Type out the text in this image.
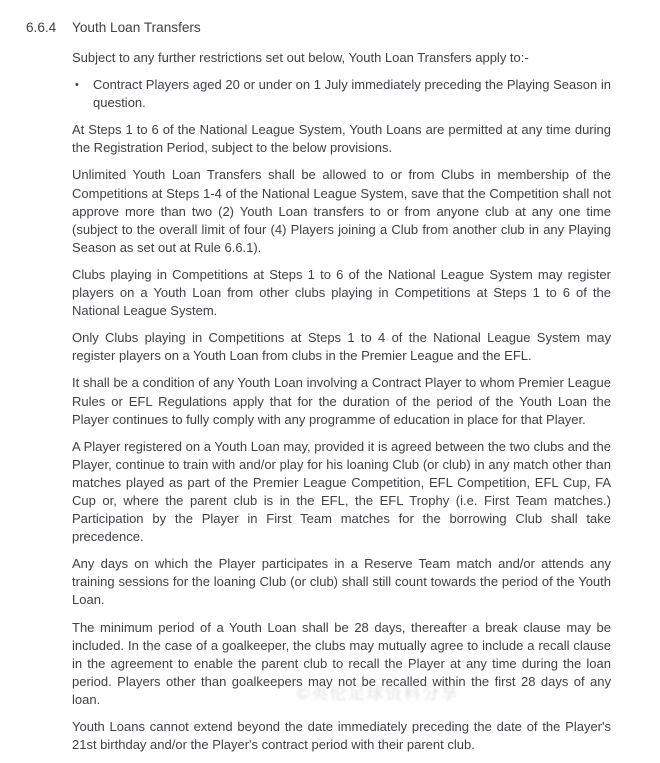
6.6.4	Youth Loan Transfers

Subject to any further restrictions set out below, Youth Loan Transfers apply to:-

•	Contract Players aged 20 or under on 1 July immediately preceding the Playing Season in question.

At Steps 1 to 6 of the National League System, Youth Loans are permitted at any time during the Registration Period, subject to the below provisions.

Unlimited Youth Loan Transfers shall be allowed to or from Clubs in membership of the Competitions at Steps 1-4 of the National League System, save that the Competition shall not approve more than two (2) Youth Loan transfers to or from anyone club at any one time (subject to the overall limit of four (4) Players joining a Club from another club in any Playing Season as set out at Rule 6.6.1).

Clubs playing in Competitions at Steps 1 to 6 of the National League System may register players on a Youth Loan from other clubs playing in Competitions at Steps 1 to 6 of the National League System.

Only Clubs playing in Competitions at Steps 1 to 4 of the National League System may register players on a Youth Loan from clubs in the Premier League and the EFL.

It shall be a condition of any Youth Loan involving a Contract Player to whom Premier League Rules or EFL Regulations apply that for the duration of the period of the Youth Loan the Player continues to fully comply with any programme of education in place for that Player.

A Player registered on a Youth Loan may, provided it is agreed between the two clubs and the Player, continue to train with and/or play for his loaning Club (or club) in any match other than matches played as part of the Premier League Competition, EFL Competition, EFL Cup, FA Cup or, where the parent club is in the EFL, the EFL Trophy (i.e. First Team matches.) Participation by the Player in First Team matches for the borrowing Club shall take precedence.

Any days on which the Player participates in a Reserve Team match and/or attends any training sessions for the loaning Club (or club) shall still count towards the period of the Youth Loan.

The minimum period of a Youth Loan shall be 28 days, thereafter a break clause may be included. In the case of a goalkeeper, the clubs may mutually agree to include a recall clause in the agreement to enable the parent club to recall the Player at any time during the loan period. Players other than goalkeepers may not be recalled within the first 28 days of any loan.

Youth Loans cannot extend beyond the date immediately preceding the date of the Player's 21st birthday and/or the Player's contract period with their parent club.

©英伦足球资料分享
